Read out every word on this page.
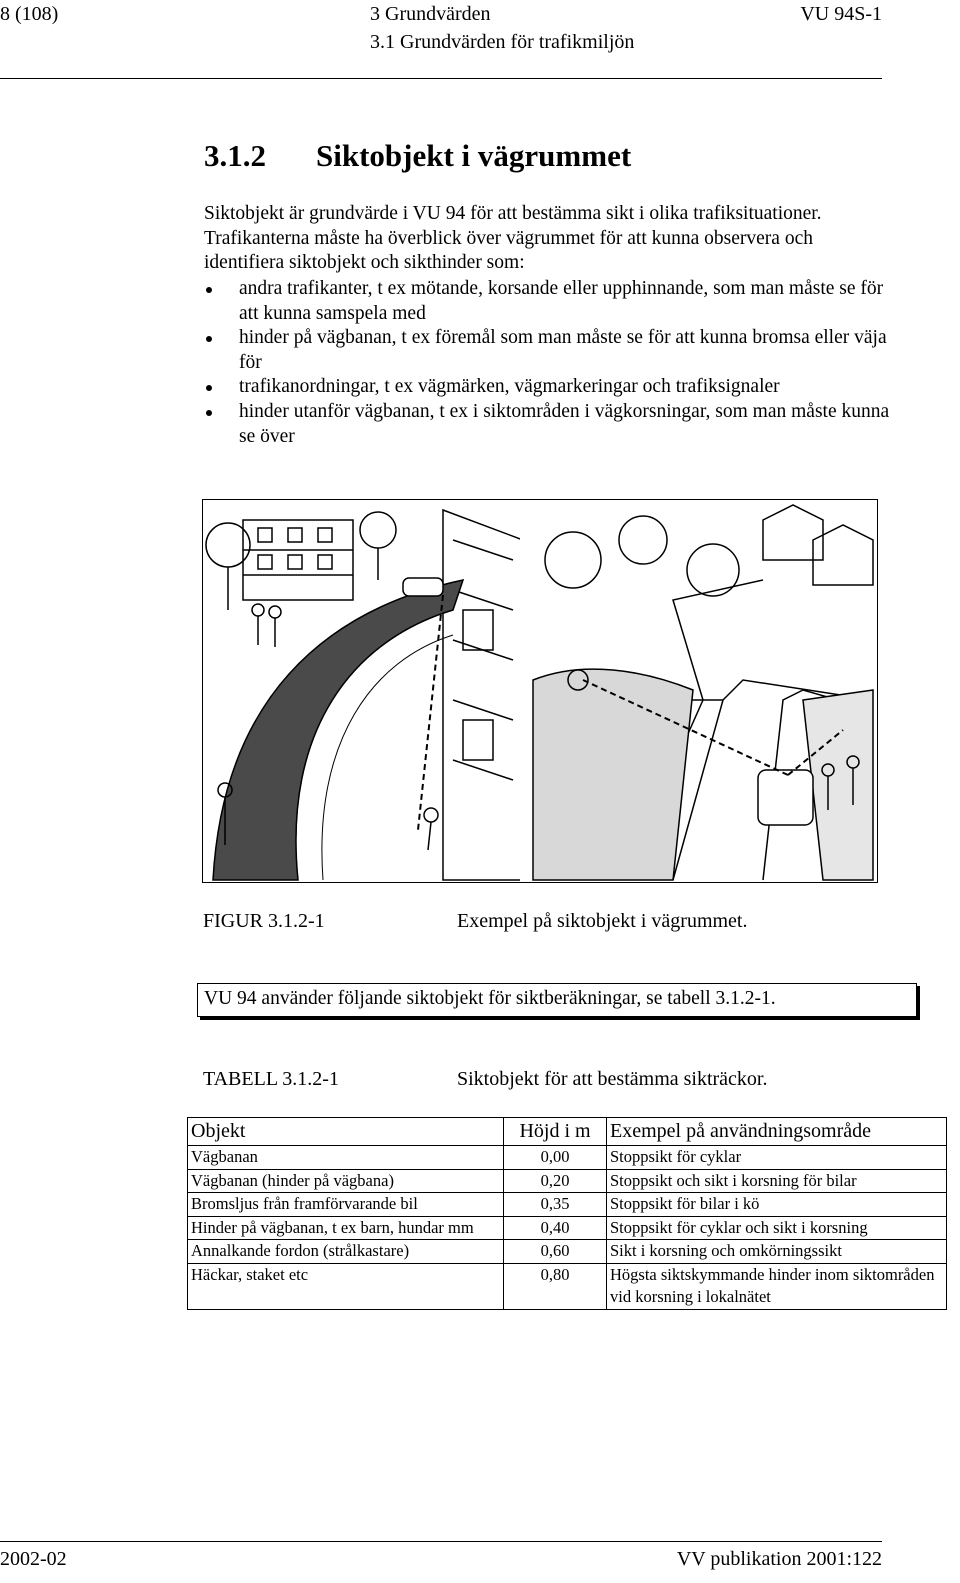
8 (108)	3 Grundvärden
3.1 Grundvärden för trafikmiljön
VU 94S-1
3.1.2 Siktobjekt i vägrummet
Siktobjekt är grundvärde i VU 94 för att bestämma sikt i olika trafiksituationer. Trafikanterna måste ha överblick över vägrummet för att kunna observera och identifiera siktobjekt och sikthinder som:
andra trafikanter, t ex mötande, korsande eller upphinnande, som man måste se för att kunna samspela med
hinder på vägbanan, t ex föremål som man måste se för att kunna bromsa eller väja för
trafikanordningar, t ex vägmärken, vägmarkeringar och trafiksignaler
hinder utanför vägbanan, t ex i siktområden i vägkorsningar, som man måste kunna se över
FIGUR 3.1.2-1	Exempel på siktobjekt i vägrummet.
VU 94 använder följande siktobjekt för siktberäkningar, se tabell 3.1.2-1.
TABELL 3.1.2-1	Siktobjekt för att bestämma sikträckor.
Objekt	Höjd i m	Exempel på användningsområde
Vägbanan	0,00	Stoppsikt för cyklar
Vägbanan (hinder på vägbana)	0,20	Stoppsikt och sikt i korsning för bilar
Bromsljus från framförvarande bil	0,35	Stoppsikt för bilar i kö
Hinder på vägbanan, t ex barn, hundar mm	0,40	Stoppsikt för cyklar och sikt i korsning
Annalkande fordon (strålkastare)	0,60	Sikt i korsning och omkörningssikt
Häckar, staket etc	0,80	Högsta siktskymmande hinder inom siktområden vid korsning i lokalnätet
2002-02	VV publikation 2001:122
